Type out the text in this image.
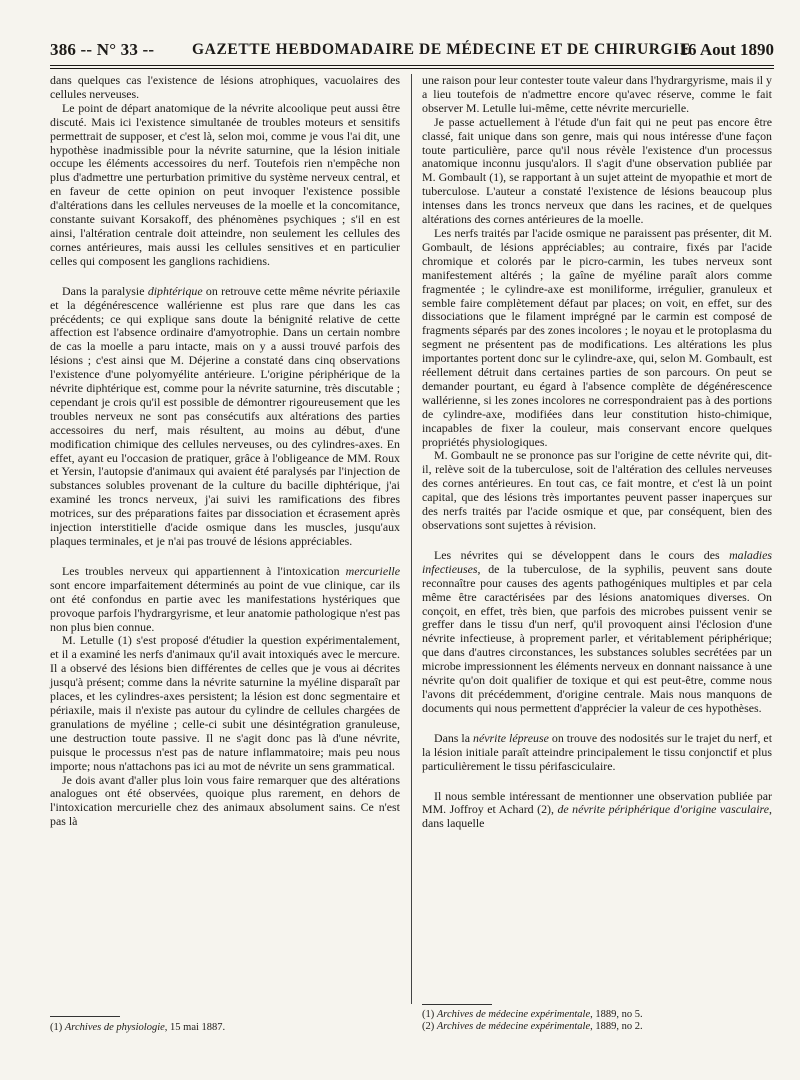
386 -- N° 33 -- GAZETTE HEBDOMADAIRE DE MÉDECINE ET DE CHIRURGIE
16 Aout 1890

dans quelques cas l'existence de lésions atrophiques, vacuolaires des cellules nerveuses.

Le point de départ anatomique de la névrite alcoolique peut aussi être discuté. Mais ici l'existence simultanée de troubles moteurs et sensitifs permettrait de supposer, et c'est là, selon moi, comme je vous l'ai dit, une hypothèse inadmissible pour la névrite saturnine, que la lésion initiale occupe les éléments accessoires du nerf. Toutefois rien n'empêche non plus d'admettre une perturbation primitive du système nerveux central, et en faveur de cette opinion on peut invoquer l'existence possible d'altérations dans les cellules nerveuses de la moelle et la concomitance, constante suivant Korsakoff, des phénomènes psychiques ; s'il en est ainsi, l'altération centrale doit atteindre, non seulement les cellules des cornes antérieures, mais aussi les cellules sensitives et en particulier celles qui composent les ganglions rachidiens.

Dans la paralysie diphtérique on retrouve cette même névrite périaxile et la dégénérescence wallérienne est plus rare que dans les cas précédents; ce qui explique sans doute la bénignité relative de cette affection est l'absence ordinaire d'amyotrophie. Dans un certain nombre de cas la moelle a paru intacte, mais on y a aussi trouvé parfois des lésions ; c'est ainsi que M. Déjerine a constaté dans cinq observations l'existence d'une polyomyélite antérieure. L'origine périphérique de la névrite diphtérique est, comme pour la névrite saturnine, très discutable ; cependant je crois qu'il est possible de démontrer rigoureusement que les troubles nerveux ne sont pas consécutifs aux altérations des parties accessoires du nerf, mais résultent, au moins au début, d'une modification chimique des cellules nerveuses, ou des cylindres-axes. En effet, ayant eu l'occasion de pratiquer, grâce à l'obligeance de MM. Roux et Yersin, l'autopsie d'animaux qui avaient été paralysés par l'injection de substances solubles provenant de la culture du bacille diphtérique, j'ai examiné les troncs nerveux, j'ai suivi les ramifications des fibres motrices, sur des préparations faites par dissociation et écrasement après injection interstitielle d'acide osmique dans les muscles, jusqu'aux plaques terminales, et je n'ai pas trouvé de lésions appréciables.

Les troubles nerveux qui appartiennent à l'intoxication mercurielle sont encore imparfaitement déterminés au point de vue clinique, car ils ont été confondus en partie avec les manifestations hystériques que provoque parfois l'hydrargyrisme, et leur anatomie pathologique n'est pas non plus bien connue.

M. Letulle (1) s'est proposé d'étudier la question expérimentalement, et il a examiné les nerfs d'animaux qu'il avait intoxiqués avec le mercure. Il a observé des lésions bien différentes de celles que je vous ai décrites jusqu'à présent; comme dans la névrite saturnine la myéline disparaît par places, et les cylindres-axes persistent; la lésion est donc segmentaire et périaxile, mais il n'existe pas autour du cylindre de cellules chargées de granulations de myéline ; celle-ci subit une désintégration granuleuse, une destruction toute passive. Il ne s'agit donc pas là d'une névrite, puisque le processus n'est pas de nature inflammatoire; mais peu nous importe; nous n'attachons pas ici au mot de névrite un sens grammatical.

Je dois avant d'aller plus loin vous faire remarquer que des altérations analogues ont été observées, quoique plus rarement, en dehors de l'intoxication mercurielle chez des animaux absolument sains. Ce n'est pas là

une raison pour leur contester toute valeur dans l'hydrargyrisme, mais il y a lieu toutefois de n'admettre encore qu'avec réserve, comme le fait observer M. Letulle lui-même, cette névrite mercurielle.

Je passe actuellement à l'étude d'un fait qui ne peut pas encore être classé, fait unique dans son genre, mais qui nous intéresse d'une façon toute particulière, parce qu'il nous révèle l'existence d'un processus anatomique inconnu jusqu'alors. Il s'agit d'une observation publiée par M. Gombault (1), se rapportant à un sujet atteint de myopathie et mort de tuberculose. L'auteur a constaté l'existence de lésions beaucoup plus intenses dans les troncs nerveux que dans les racines, et de quelques altérations des cornes antérieures de la moelle.

Les nerfs traités par l'acide osmique ne paraissent pas présenter, dit M. Gombault, de lésions appréciables; au contraire, fixés par l'acide chromique et colorés par le picro-carmin, les tubes nerveux sont manifestement altérés ; la gaîne de myéline paraît alors comme fragmentée ; le cylindre-axe est moniliforme, irrégulier, granuleux et semble faire complètement défaut par places; on voit, en effet, sur des dissociations que le filament imprégné par le carmin est composé de fragments séparés par des zones incolores ; le noyau et le protoplasma du segment ne présentent pas de modifications. Les altérations les plus importantes portent donc sur le cylindre-axe, qui, selon M. Gombault, est réellement détruit dans certaines parties de son parcours. On peut se demander pourtant, eu égard à l'absence complète de dégénérescence wallérienne, si les zones incolores ne correspondraient pas à des portions de cylindre-axe, modifiées dans leur constitution histo-chimique, incapables de fixer la couleur, mais conservant encore quelques propriétés physiologiques.

M. Gombault ne se prononce pas sur l'origine de cette névrite qui, dit-il, relève soit de la tuberculose, soit de l'altération des cellules nerveuses des cornes antérieures. En tout cas, ce fait montre, et c'est là un point capital, que des lésions très importantes peuvent passer inaperçues sur des nerfs traités par l'acide osmique et que, par conséquent, bien des observations sont sujettes à révision.

Les névrites qui se développent dans le cours des maladies infectieuses, de la tuberculose, de la syphilis, peuvent sans doute reconnaître pour causes des agents pathogéniques multiples et par cela même être caractérisées par des lésions anatomiques diverses. On conçoit, en effet, très bien, que parfois des microbes puissent venir se greffer dans le tissu d'un nerf, qu'il provoquent ainsi l'éclosion d'une névrite infectieuse, à proprement parler, et véritablement périphérique; que dans d'autres circonstances, les substances solubles secrétées par un microbe impressionnent les éléments nerveux en donnant naissance à une névrite qu'on doit qualifier de toxique et qui est peut-être, comme nous l'avons dit précédemment, d'origine centrale. Mais nous manquons de documents qui nous permettent d'apprécier la valeur de ces hypothèses.

Dans la névrite lépreuse on trouve des nodosités sur le trajet du nerf, et la lésion initiale paraît atteindre principalement le tissu conjonctif et plus particulièrement le tissu périfasciculaire.

Il nous semble intéressant de mentionner une observation publiée par MM. Joffroy et Achard (2), de névrite périphérique d'origine vasculaire, dans laquelle

(1) Archives de physiologie, 15 mai 1887.
(1) Archives de médecine expérimentale, 1889, no 5.
(2) Archives de médecine expérimentale, 1889, no 2.
